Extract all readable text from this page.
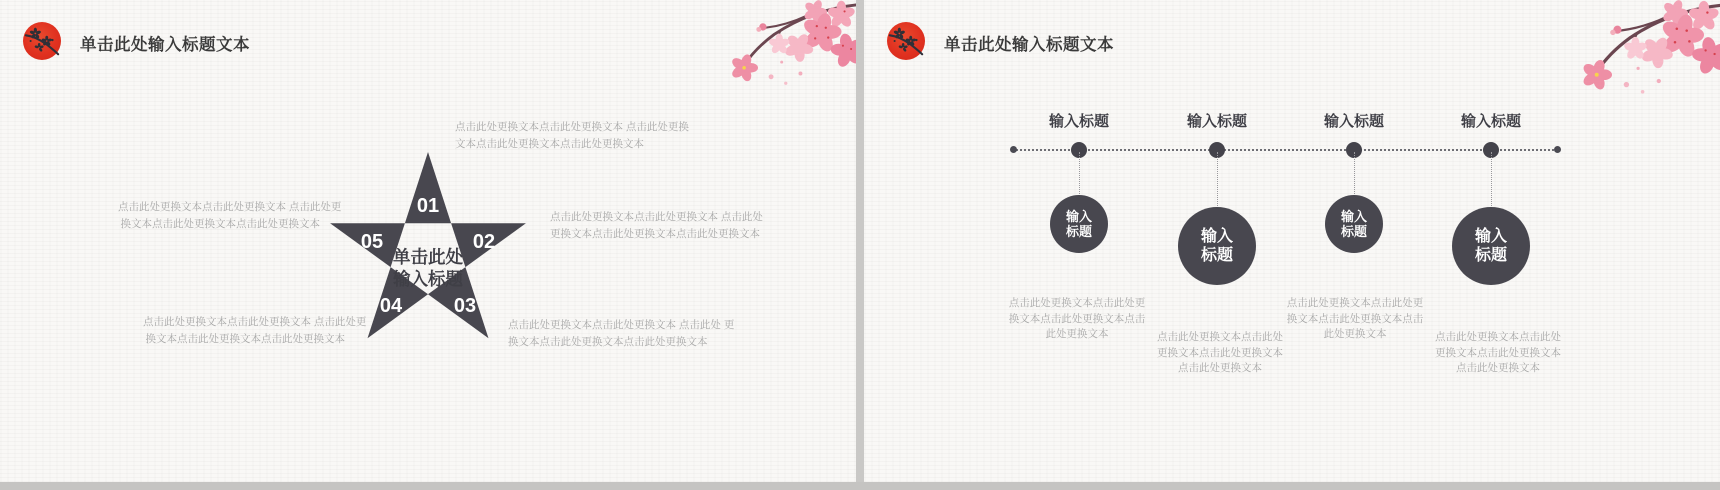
单击此处输入标题文本
01
02
03
04
05
单击此处
输入标题
点击此处更换文本点击此处更换文本 点击此处更换
文本点击此处更换文本点击此处更换文本
点击此处更换文本点击此处更换文本 点击此处更
换文本点击此处更换文本点击此处更换文本
点击此处更换文本点击此处更换文本 点击此处
更换文本点击此处更换文本点击此处更换文本
点击此处更换文本点击此处更换文本 点击此处更
换文本点击此处更换文本点击此处更换文本
点击此处更换文本点击此处更换文本 点击此处 更
换文本点击此处更换文本点击此处更换文本
单击此处输入标题文本
输入标题
输入
标题
点击此处更换文本点击此处更
换文本点击此处更换文本点击
此处更换文本
输入标题
输入
标题
点击此处更换文本点击此处
更换文本点击此处更换文本
点击此处更换文本
输入标题
输入
标题
点击此处更换文本点击此处更
换文本点击此处更换文本点击
此处更换文本
输入标题
输入
标题
点击此处更换文本点击此处
更换文本点击此处更换文本
点击此处更换文本
